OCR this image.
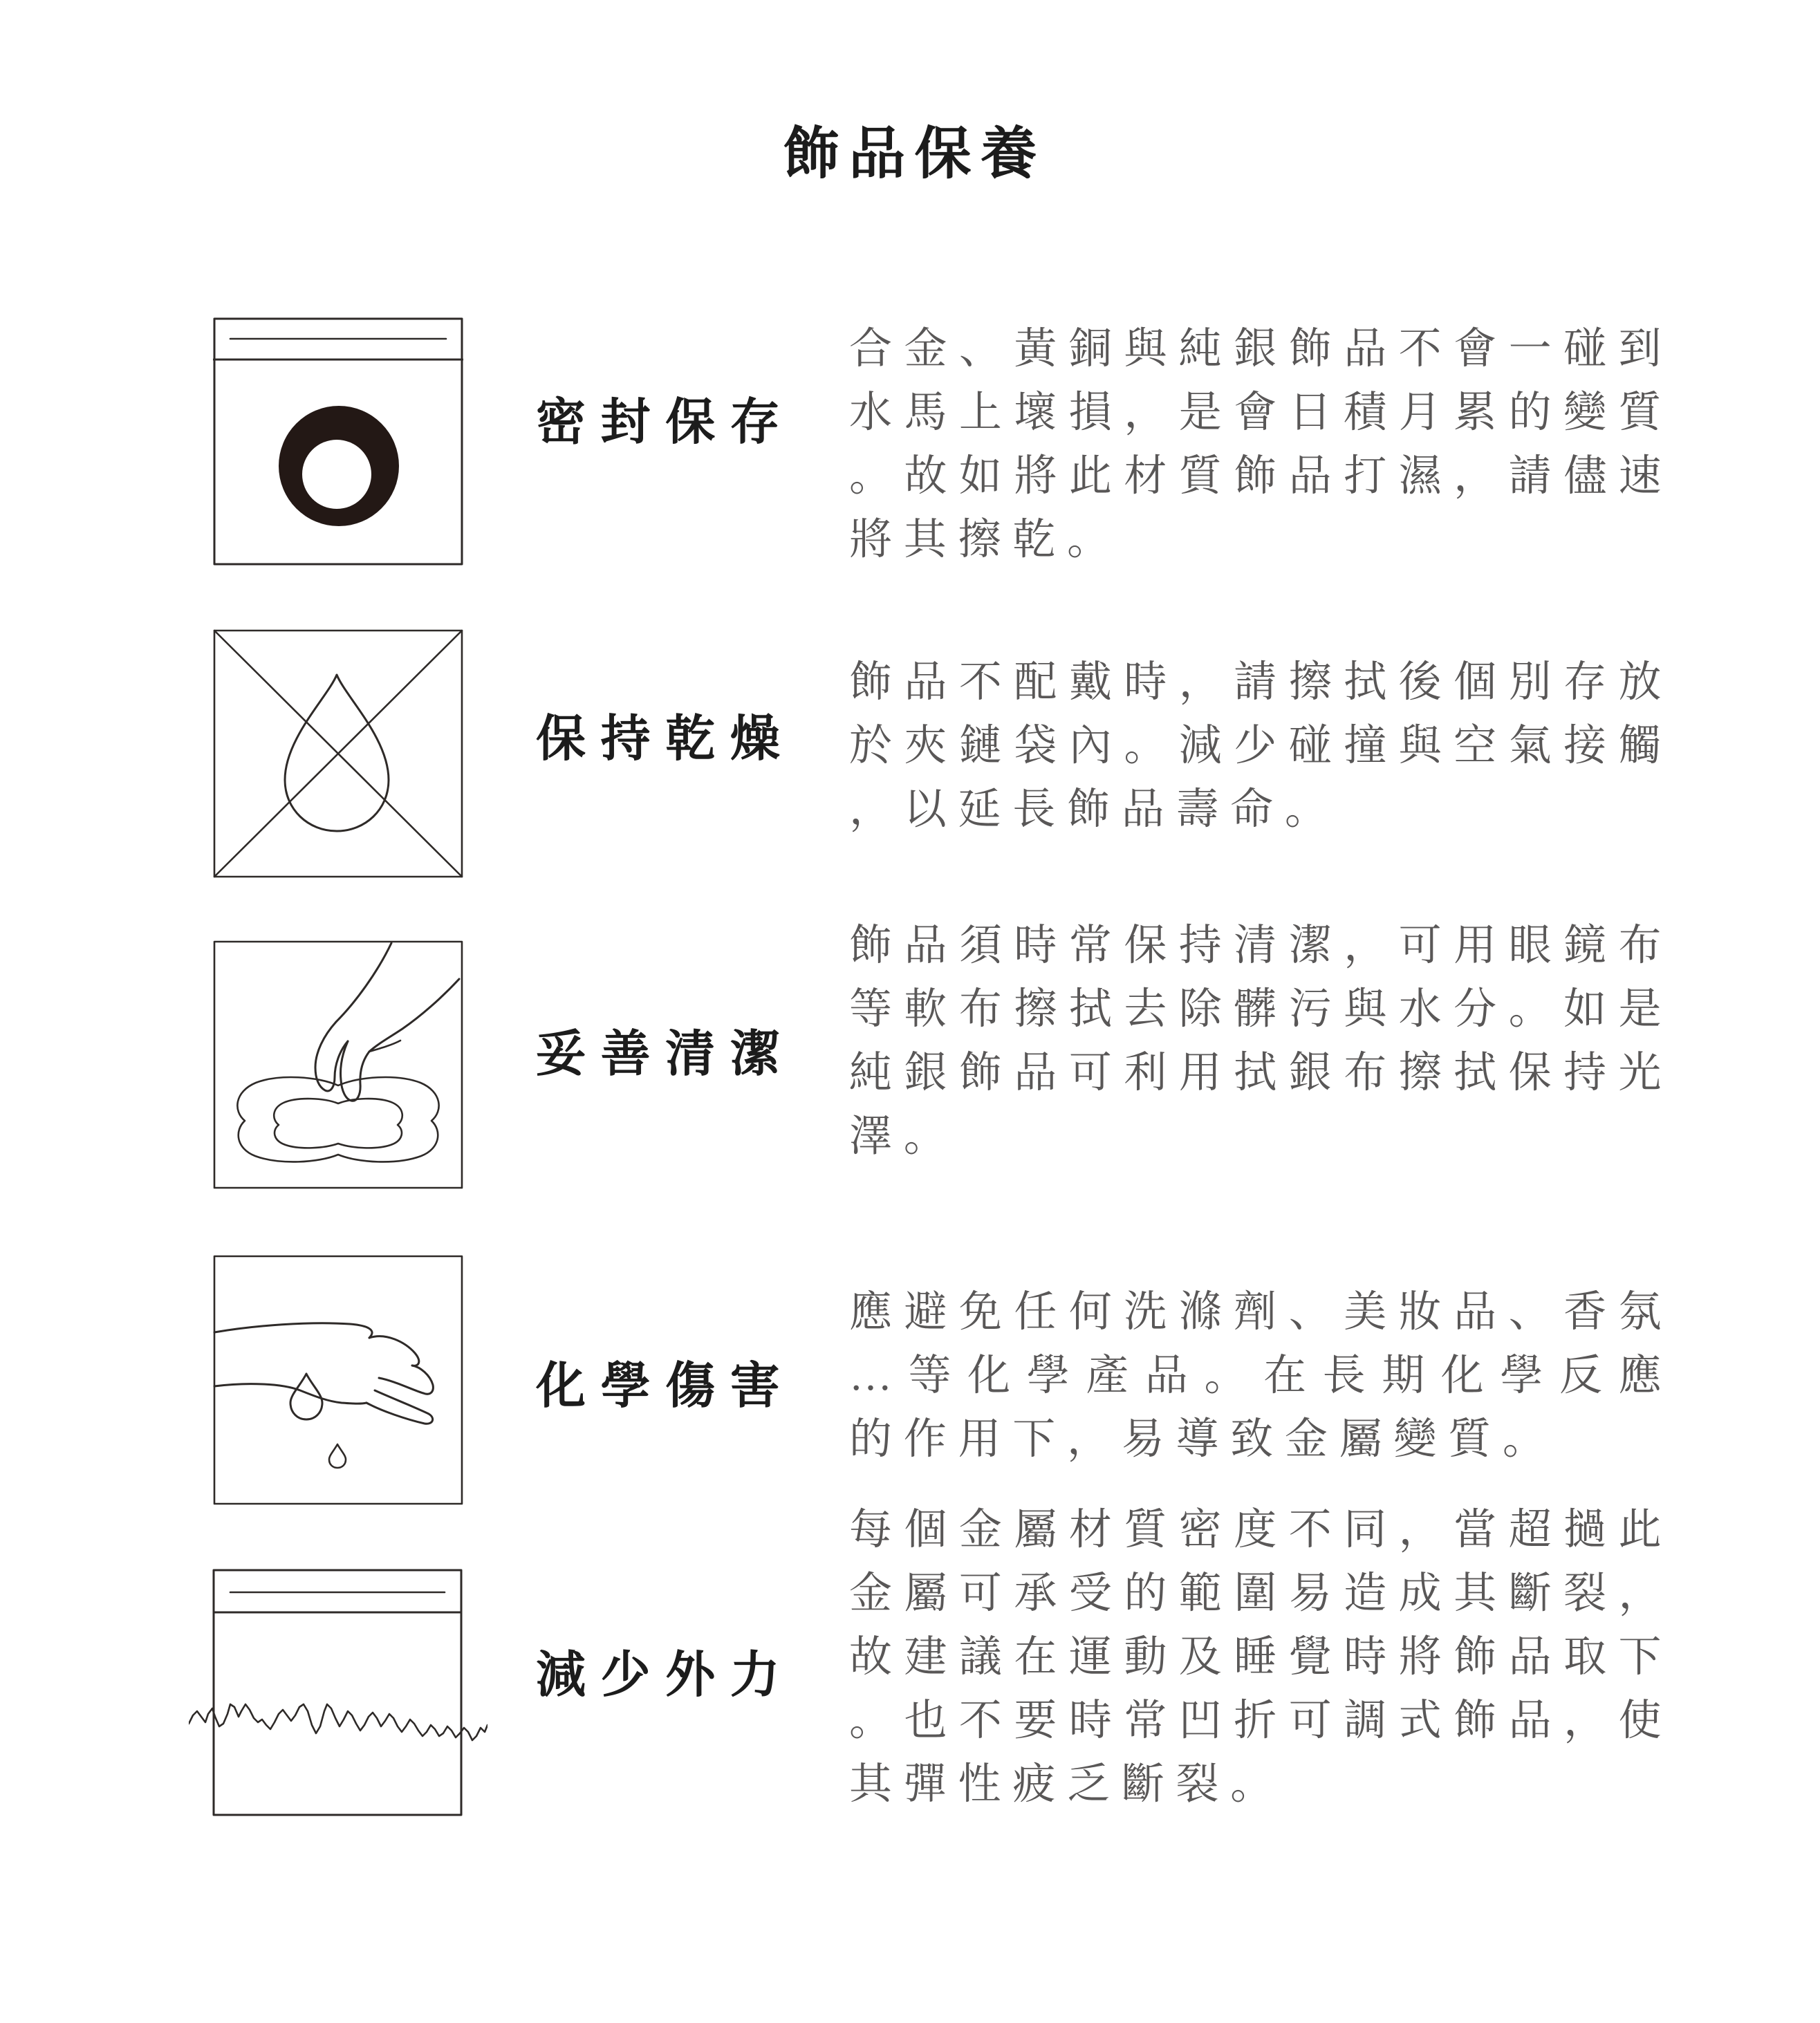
飾品保養
密封保存
合金、黃銅與純銀飾品不會一碰到
水馬上壞損，是會日積月累的變質
。故如將此材質飾品打濕，請儘速
將其擦乾。
保持乾燥
飾品不配戴時，請擦拭後個別存放
於夾鏈袋內。減少碰撞與空氣接觸
，以延長飾品壽命。
妥善清潔
飾品須時常保持清潔，可用眼鏡布
等軟布擦拭去除髒污與水分。如是
純銀飾品可利用拭銀布擦拭保持光
澤。
化學傷害
應避免任何洗滌劑、美妝品、香氛
…等化學產品。在長期化學反應
的作用下，易導致金屬變質。
減少外力
每個金屬材質密度不同，當超撾此
金屬可承受的範圍易造成其斷裂，
故建議在運動及睡覺時將飾品取下
。也不要時常凹折可調式飾品，使
其彈性疲乏斷裂。
